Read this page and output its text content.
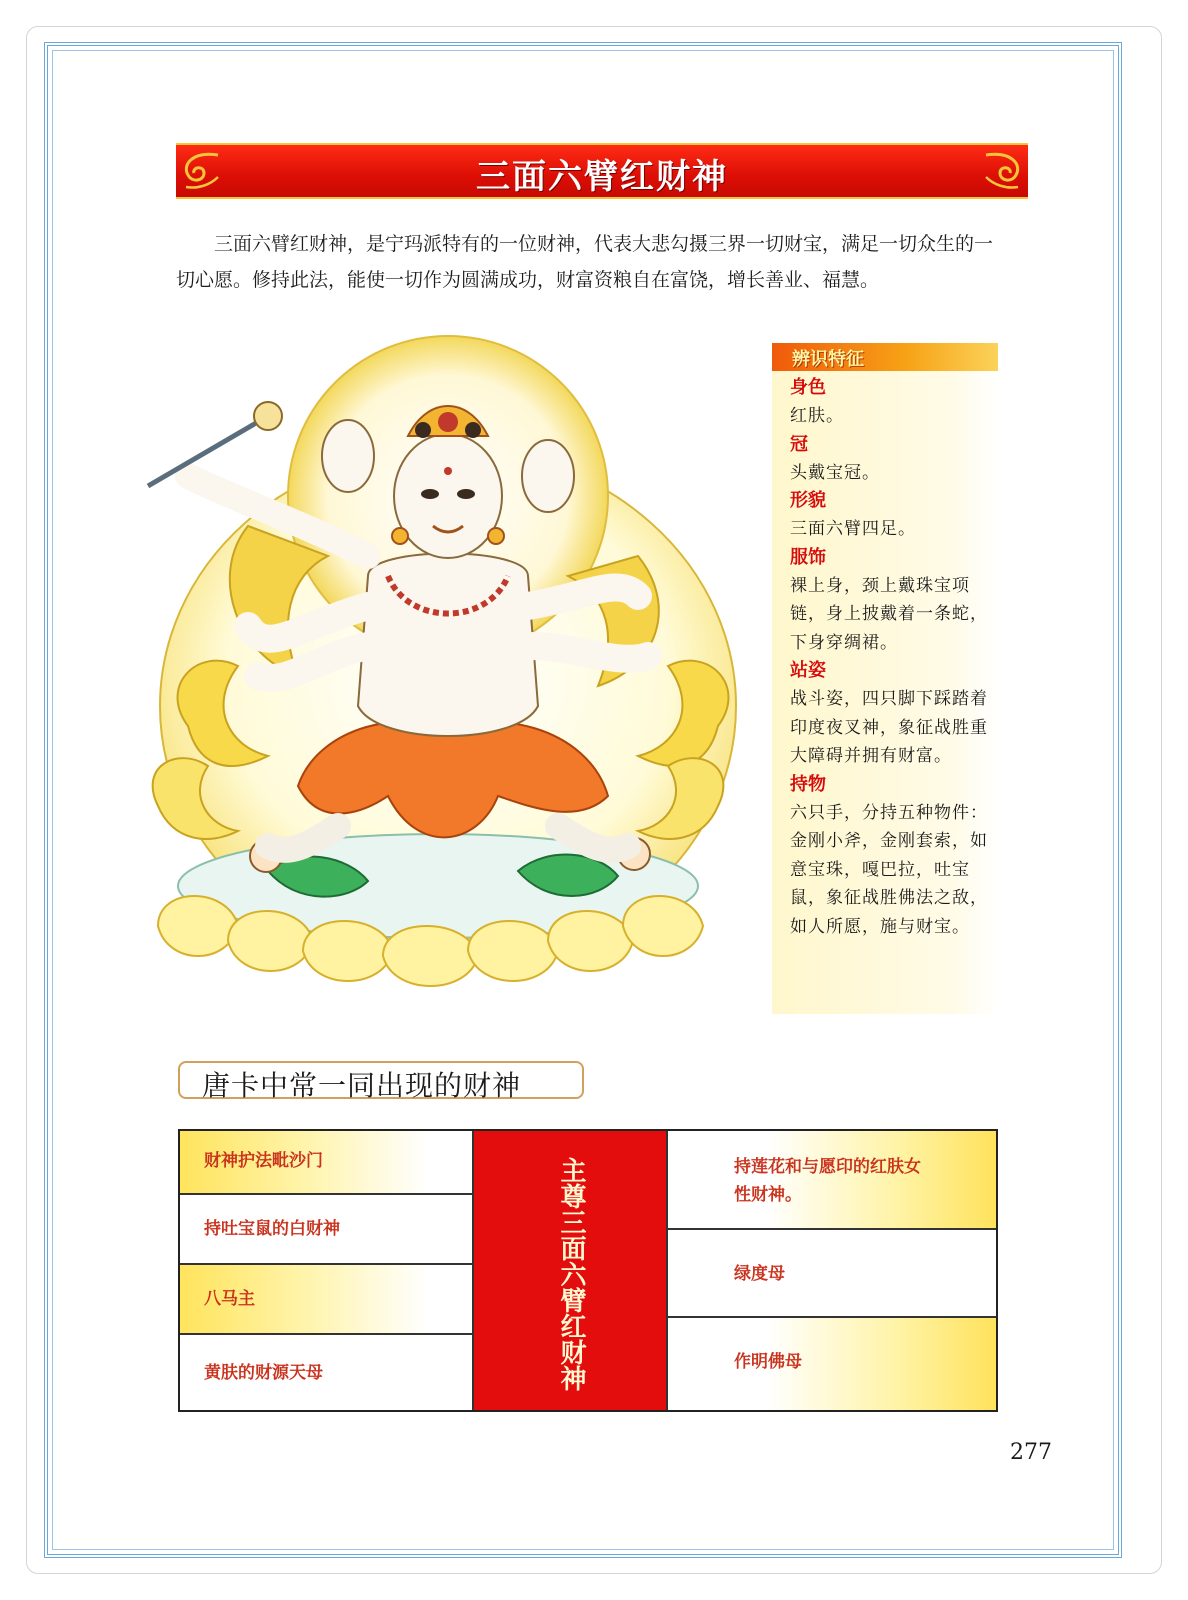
三面六臂红财神

三面六臂红财神，是宁玛派特有的一位财神，代表大悲勾摄三界一切财宝，满足一切众生的一切心愿。修持此法，能使一切作为圆满成功，财富资粮自在富饶，增长善业、福慧。

辨识特征

身色

红肤。

冠

头戴宝冠。

形貌

三面六臂四足。

服饰

裸上身，颈上戴珠宝项链，身上披戴着一条蛇，下身穿绸裙。

站姿

战斗姿，四只脚下踩踏着印度夜叉神，象征战胜重大障碍并拥有财富。

持物

六只手，分持五种物件：金刚小斧，金刚套索，如意宝珠，嘎巴拉，吐宝鼠，象征战胜佛法之敌，如人所愿，施与财宝。

唐卡中常一同出现的财神
财神护法毗沙门
持吐宝鼠的白财神
八马主
黄肤的财源天母	主尊三面六臂红财神	持莲花和与愿印的红肤女性财神。
绿度母
作明佛母
277
